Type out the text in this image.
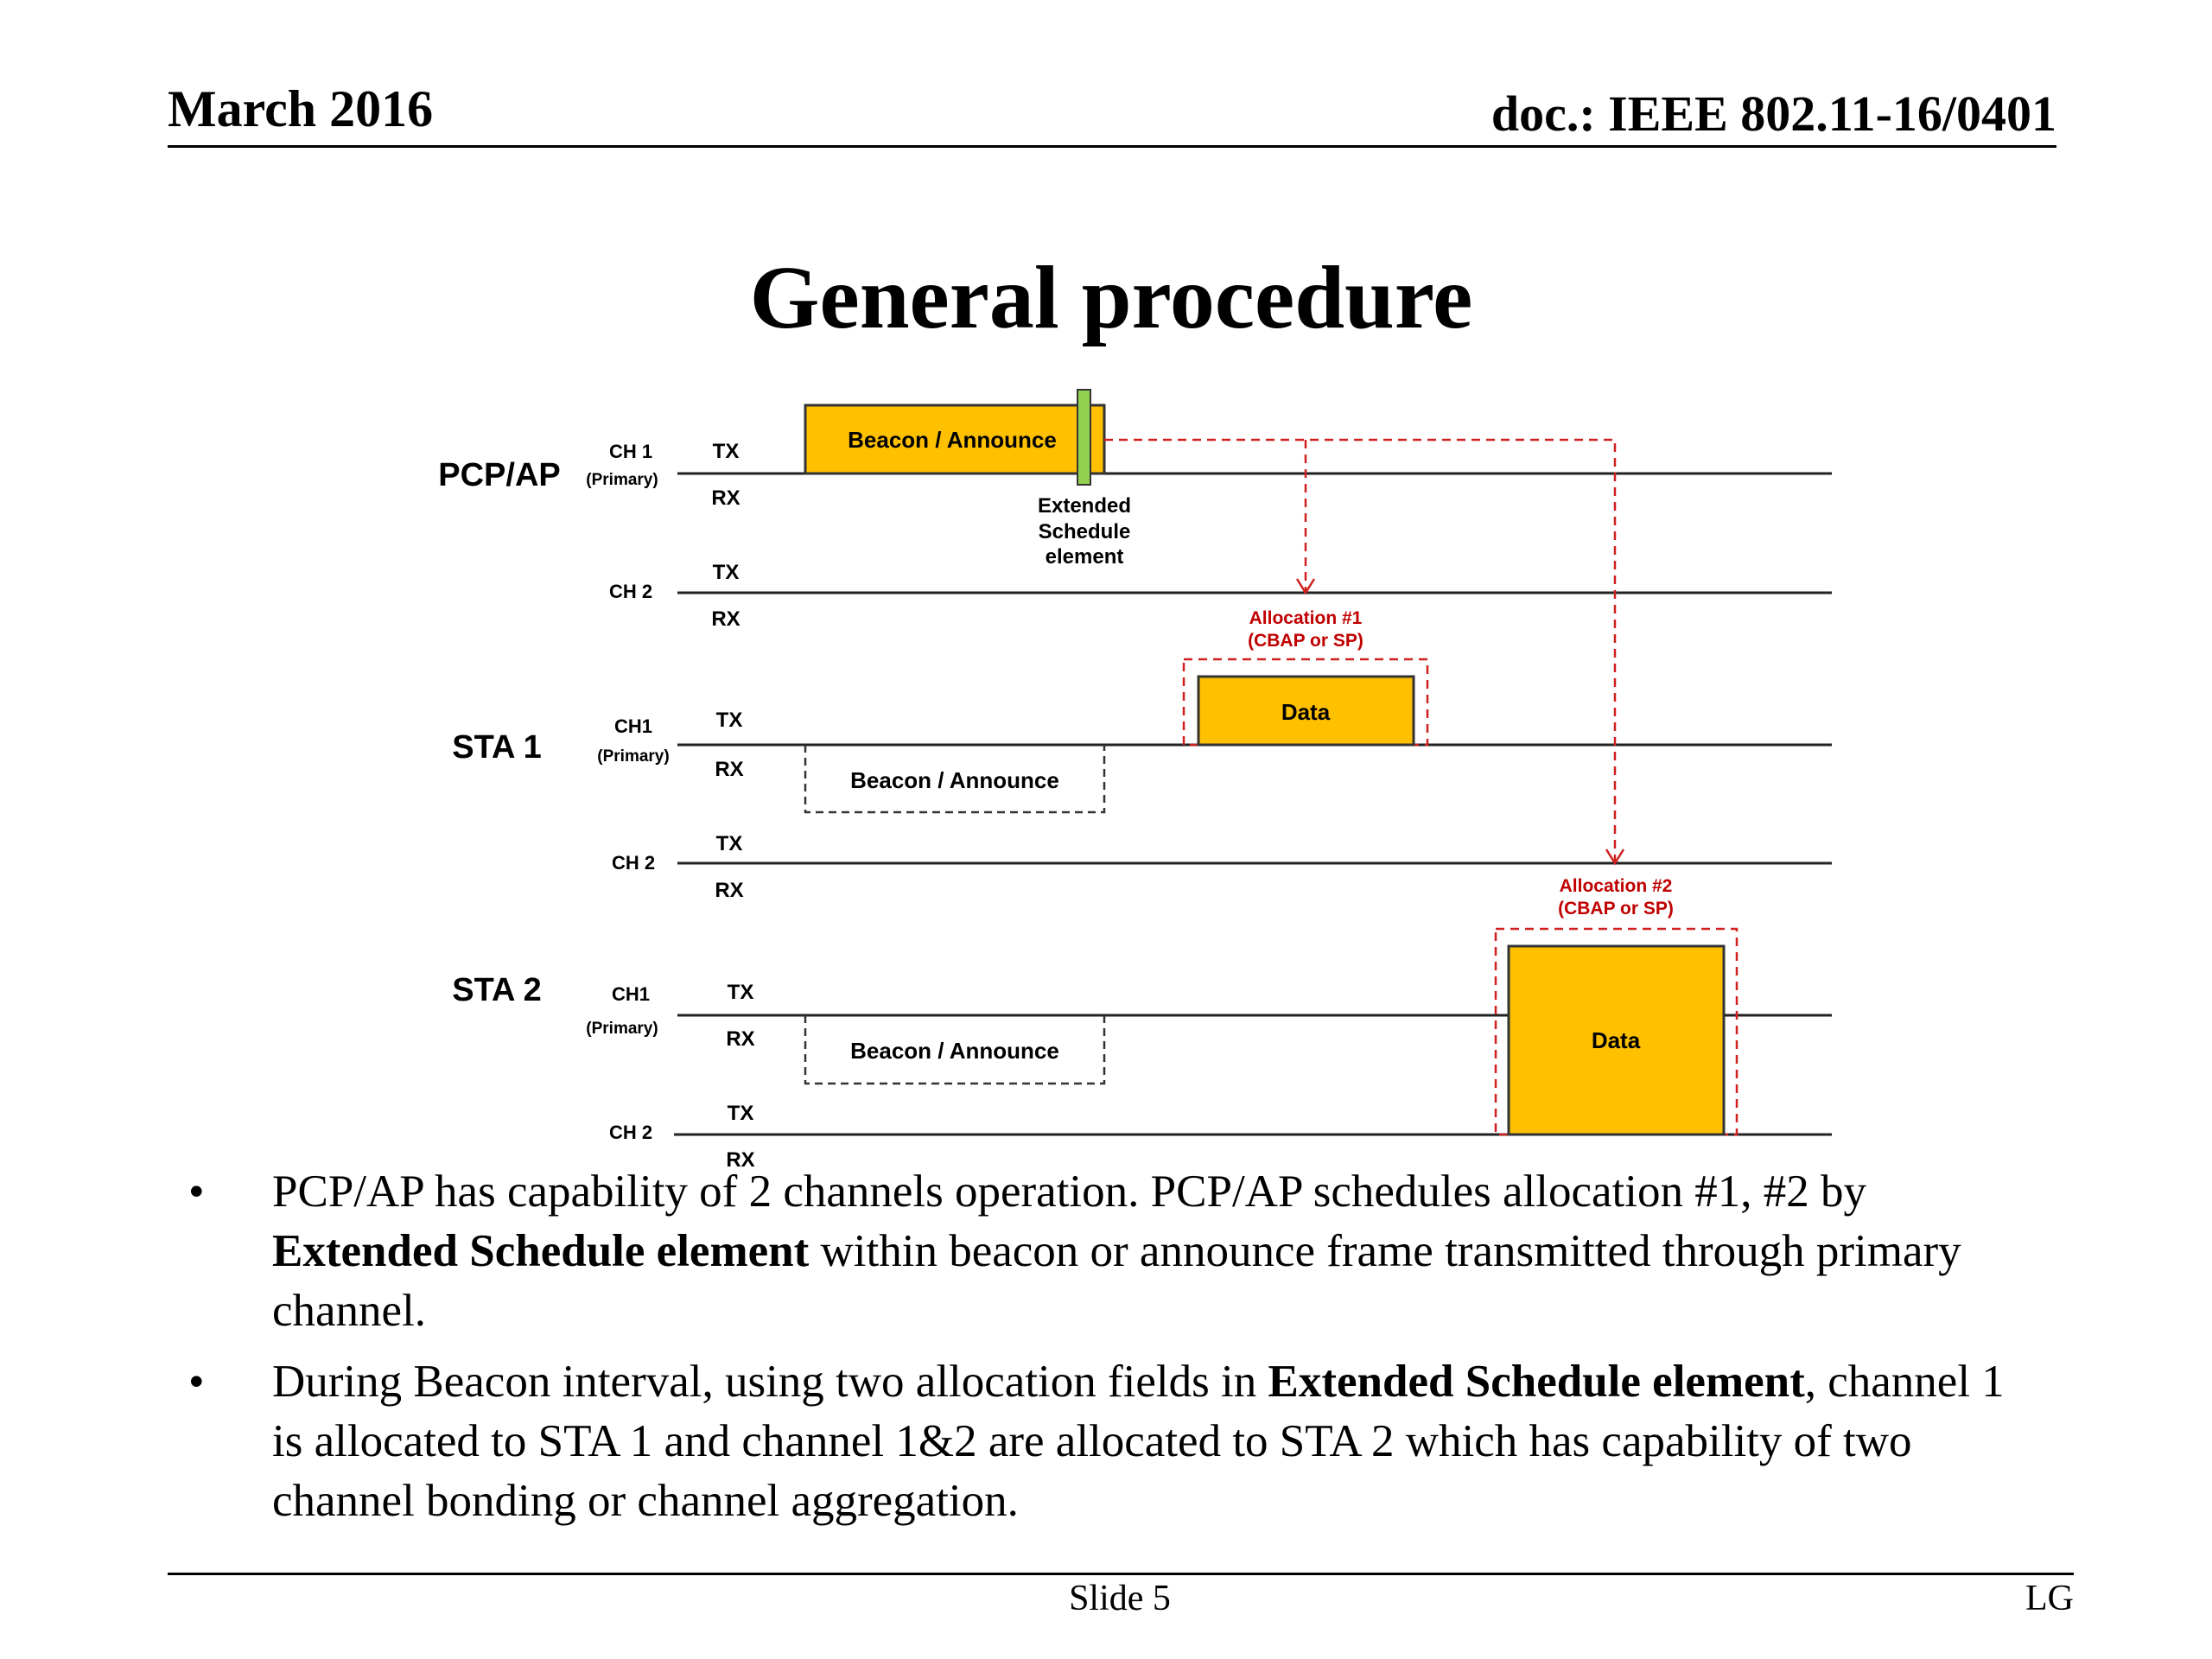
March 2016	doc.: IEEE 802.11-16/0401
General procedure
Beacon / Announce
Extended
Schedule
element
Allocation #1
(CBAP or SP)
Data
Beacon / Announce
Allocation #2
(CBAP or SP)
Data
Beacon / Announce
PCP/AP
CH 1
(Primary)
TX
RX
CH 2
TX
RX
STA 1
CH1
(Primary)
TX
RX
CH 2
TX
RX
STA 2	CH1
(Primary)
TX
RX
CH 2
TX
RX
• PCP/AP has capability of 2 channels operation. PCP/AP schedules allocation #1, #2 by Extended Schedule element within beacon or announce frame transmitted through primary channel.
• During Beacon interval, using two allocation fields in Extended Schedule element, channel 1 is allocated to STA 1 and channel 1&2 are allocated to STA 2 which has capability of two channel bonding or channel aggregation.
Slide 5	LG
